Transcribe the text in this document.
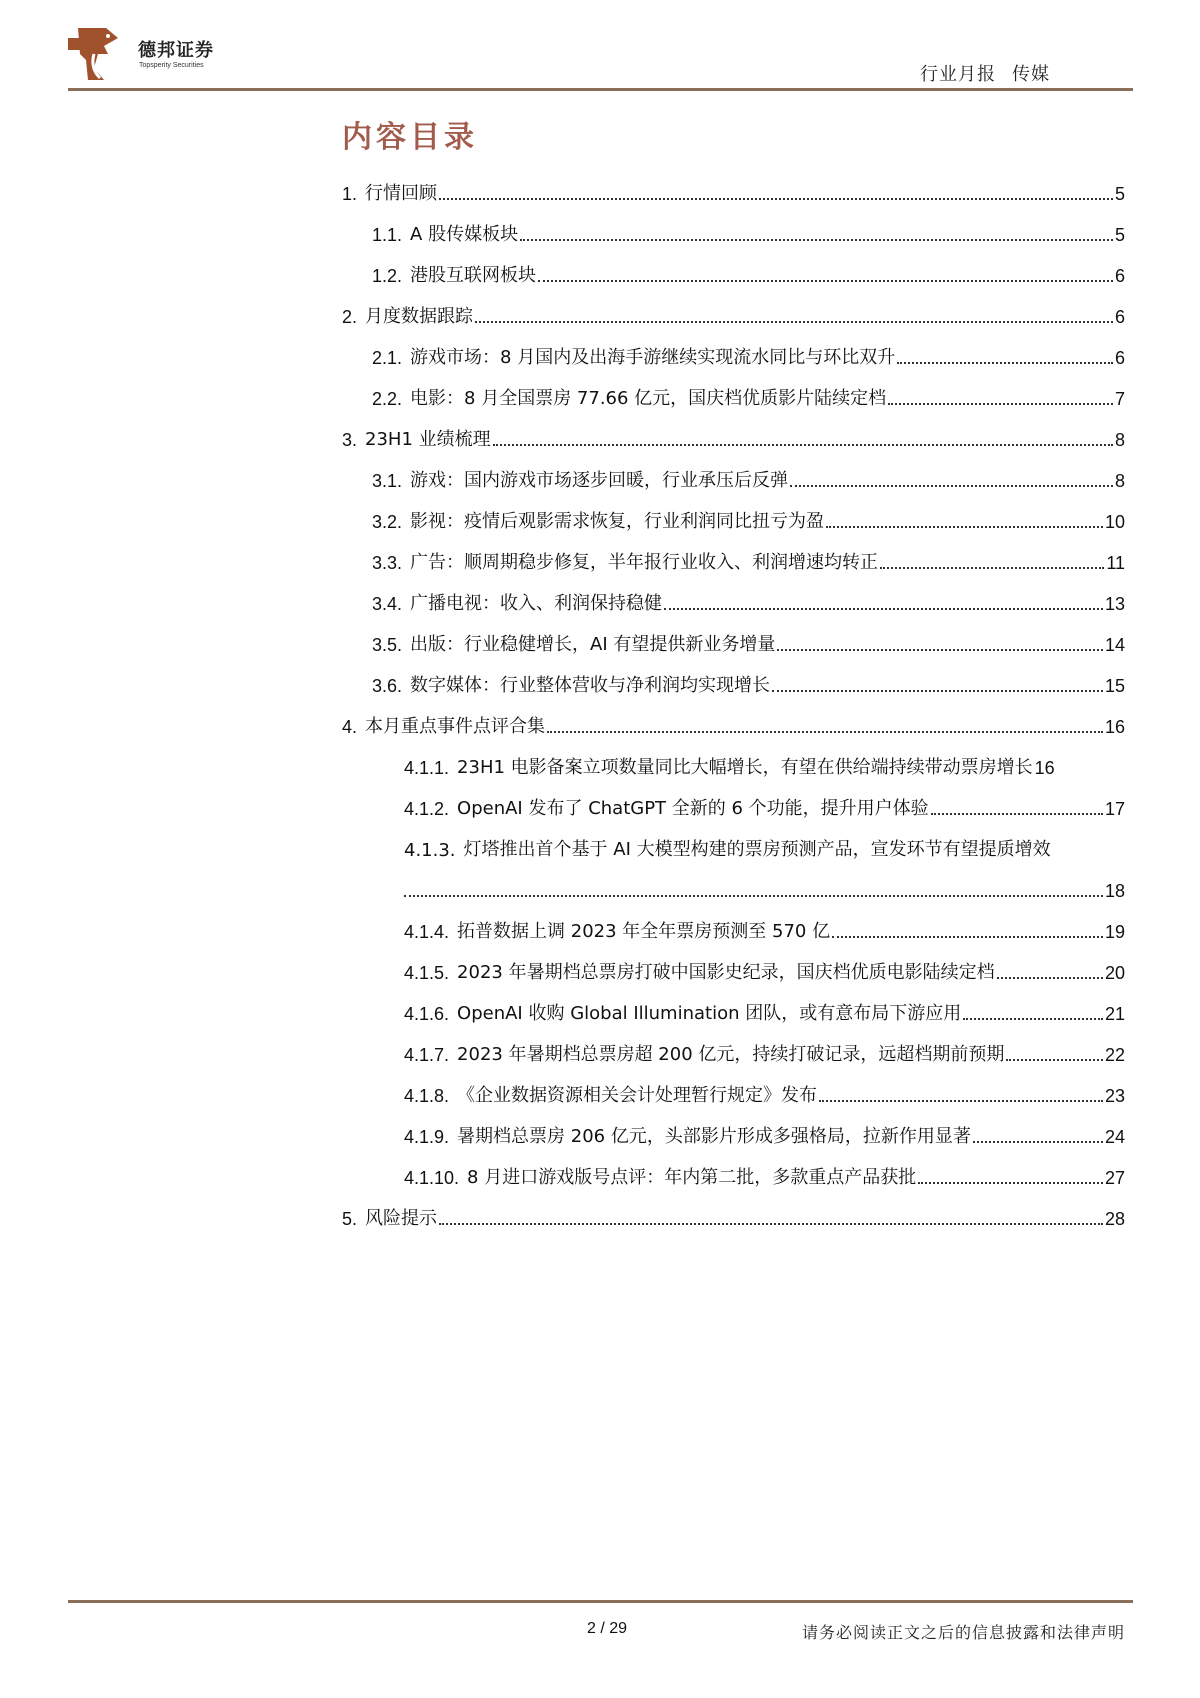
德邦证券
Topsperity Securities	行业月报 传媒
内容目录
1. 行情回顾	5
1.1. A 股传媒板块	5
1.2. 港股互联网板块	6
2. 月度数据跟踪	6
2.1. 游戏市场：8 月国内及出海手游继续实现流水同比与环比双升	6
2.2. 电影：8 月全国票房 77.66 亿元，国庆档优质影片陆续定档	7
3. 23H1 业绩梳理	8
3.1. 游戏：国内游戏市场逐步回暖，行业承压后反弹	8
3.2. 影视：疫情后观影需求恢复，行业利润同比扭亏为盈	10
3.3. 广告：顺周期稳步修复，半年报行业收入、利润增速均转正	11
3.4. 广播电视：收入、利润保持稳健	13
3.5. 出版：行业稳健增长，AI 有望提供新业务增量	14
3.6. 数字媒体：行业整体营收与净利润均实现增长	15
4. 本月重点事件点评合集	16
4.1.1. 23H1 电影备案立项数量同比大幅增长，有望在供给端持续带动票房增长 16
4.1.2. OpenAI 发布了 ChatGPT 全新的 6 个功能，提升用户体验	17
4.1.3. 灯塔推出首个基于 AI 大模型构建的票房预测产品，宣发环节有望提质增效
18
4.1.4. 拓普数据上调 2023 年全年票房预测至 570 亿	19
4.1.5. 2023 年暑期档总票房打破中国影史纪录，国庆档优质电影陆续定档	20
4.1.6. OpenAI 收购 Global Illumination 团队，或有意布局下游应用	21
4.1.7. 2023 年暑期档总票房超 200 亿元，持续打破记录，远超档期前预期	22
4.1.8. 《企业数据资源相关会计处理暂行规定》发布	23
4.1.9. 暑期档总票房 206 亿元，头部影片形成多强格局，拉新作用显著	24
4.1.10. 8 月进口游戏版号点评：年内第二批，多款重点产品获批	27
5. 风险提示	28
2 / 29	请务必阅读正文之后的信息披露和法律声明
